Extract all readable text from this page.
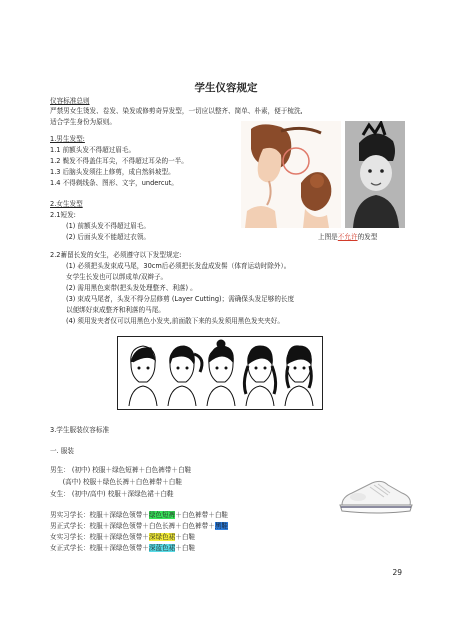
学生仪容规定
仪容标准总则
严禁男女生烫发、卷发、染发或修剪奇异发型，一切应以整齐、简单、朴素，便于梳洗,
适合学生身份为原则。
1.男生发型:
1.1 前额头发不得超过眉毛。
1.2 鬓发不得盖住耳尖，不得超过耳朵的一半。
1.3 后脑头发须往上修剪，成自然斜坡型。
1.4 不得剃线条、图形、文字，undercut。
2.女生发型
2.1短发:
(1) 前额头发不得超过眉毛。
(2) 后面头发不能超过衣领。	上图是不允许的发型
2.2蓄留长发的女生，必须遵守以下发型规定:
(1) 必须把头发束成马尾，30cm后必须把长发盘成发髻（体育运动时除外）。
女学生长发也可以绑成单/双辫子。
(2) 需用黑色束带(把头发处理整齐、利落) 。
(3) 束成马尾者，头发不得分层修剪 (Layer Cutting)；需确保头发足够的长度
以便绑好束成整齐和利落的马尾。
(4) 须用发夹者仅可以用黑色小发夹,前面散下来的头发须用黑色发夹夹好。
3.学生服装仪容标准
一. 服装
男生： (初中) 校服＋绿色短裤＋白色裤带＋白鞋
(高中) 校服＋绿色长裤＋白色裤带＋白鞋
女生： (初中/高中) 校服＋深绿色裙＋白鞋
男实习学长：校服＋深绿色领带＋绿色短裤＋白色裤带＋白鞋
男正式学长：校服＋深绿色领带＋白色长裤＋白色裤带＋黑鞋
女实习学长：校服＋深绿色领带＋深绿色裙＋白鞋
女正式学长：校服＋深绿色领带＋深蓝色裙＋白鞋
29
